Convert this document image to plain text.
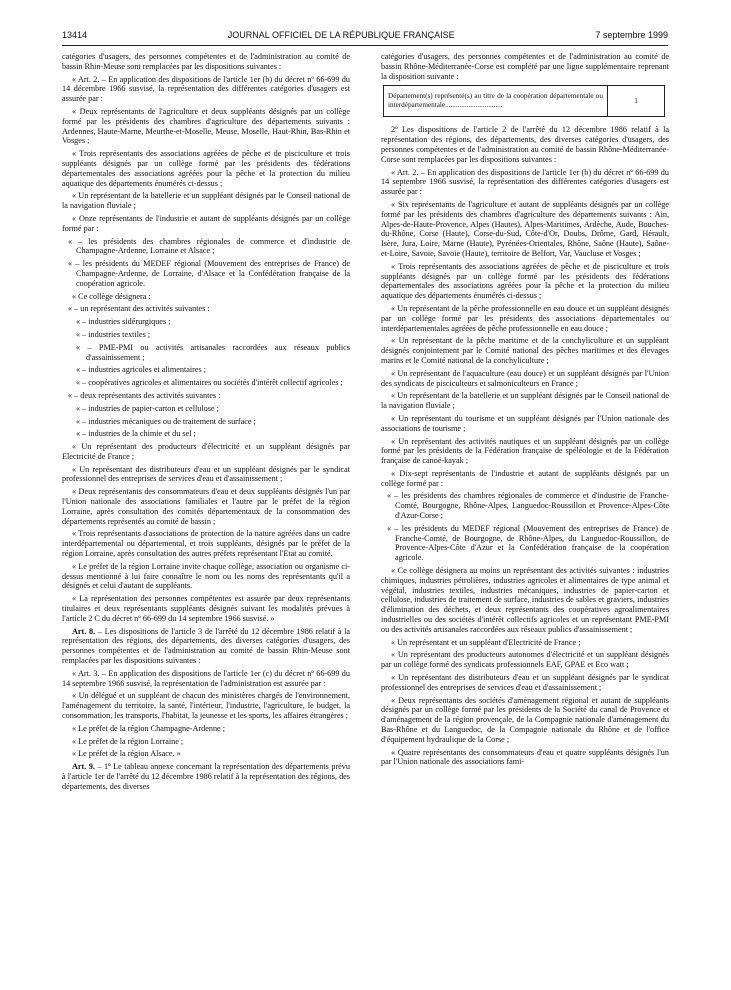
13414	JOURNAL OFFICIEL DE LA RÉPUBLIQUE FRANÇAISE	7 septembre 1999

catégories d'usagers, des personnes compétentes et de l'administration au comité de bassin Rhin-Meuse sont remplacées par les dispositions suivantes :

« Art. 2. – En application des dispositions de l'article 1er (b) du décret nº 66-699 du 14 décembre 1966 susvisé, la représentation des différentes catégories d'usagers est assurée par :

« Deux représentants de l'agriculture et deux suppléants désignés par un collège formé par les présidents des chambres d'agriculture des départements suivants : Ardennes, Haute-Marne, Meurthe-et-Moselle, Meuse, Moselle, Haut-Rhin, Bas-Rhin et Vosges ;

« Trois représentants des associations agréées de pêche et de pisciculture et trois suppléants désignés par un collège formé par les présidents des fédérations départementales des associations agréées pour la pêche et la protection du milieu aquatique des départements énumérés ci-dessus ;

« Un représentant de la batellerie et un suppléant désignés par le Conseil national de la navigation fluviale ;

« Onze représentants de l'industrie et autant de suppléants désignés par un collège formé par :

« – les présidents des chambres régionales de commerce et d'industrie de Champagne-Ardenne, Lorraine et Alsace ;

« – les présidents du MEDEF régional (Mouvement des entreprises de France) de Champagne-Ardenne, de Lorraine, d'Alsace et la Confédération française de la coopération agricole.

« Ce collège désignera :

« – un représentant des activités suivantes :

« – industries sidérurgiques ;

« – industries textiles ;

« – PME-PMI ou activités artisanales raccordées aux réseaux publics d'assainissement ;

« – industries agricoles et alimentaires ;

« – coopératives agricoles et alimentaires ou sociétés d'intérêt collectif agricoles ;

« – deux représentants des activités suivantes :

« – industries de papier-carton et cellulose ;

« – industries mécaniques ou de traitement de surface ;

« – industries de la chimie et du sel ;

« Un représentant des producteurs d'électricité et un suppléant désignés par Electricité de France ;

« Un représentant des distributeurs d'eau et un suppléant désignés par le syndicat professionnel des entreprises de services d'eau et d'assainissement ;

« Deux représentants des consommateurs d'eau et deux suppléants désignés l'un par l'Union nationale des associations familiales et l'autre par le préfet de la région Lorraine, après consultation des comités départementaux de la consommation des départements représentés au comité de bassin ;

« Trois représentants d'associations de protection de la nature agréées dans un cadre interdépartemental ou départemental, et trois suppléants, désignés par le préfet de la région Lorraine, après consultation des autres préfets représentant l'Etat au comité.

« Le préfet de la région Lorraine invite chaque collège, association ou organisme ci-dessus mentionné à lui faire connaître le nom ou les noms des représentants qu'il a désignés et celui d'autant de suppléants.

« La représentation des personnes compétentes est assurée par deux représentants titulaires et deux représentants suppléants désignés suivant les modalités prévues à l'article 2 C du décret nº 66-699 du 14 septembre 1966 susvisé. »

Art. 8. – Les dispositions de l'article 3 de l'arrêté du 12 décembre 1986 relatif à la représentation des régions, des départements, des diverses catégories d'usagers, des personnes compétentes et de l'administration au comité de bassin Rhin-Meuse sont remplacées par les dispositions suivantes :

« Art. 3. – En application des dispositions de l'article 1er (c) du décret nº 66-699 du 14 septembre 1966 susvisé, la représentation de l'administration est assurée par :

« Un délégué et un suppléant de chacun des ministères chargés de l'environnement, l'aménagement du territoire, la santé, l'intérieur, l'industrie, l'agriculture, le budget, la consommation, les transports, l'habitat, la jeunesse et les sports, les affaires étrangères ;

« Le préfet de la région Champagne-Ardenne ;

« Le préfet de la région Lorraine ;

« Le préfet de la région Alsace. »

Art. 9. – 1º Le tableau annexe concernant la représentation des départements prévu à l'article 1er de l'arrêté du 12 décembre 1986 relatif à la représentation des régions, des départements, des diverses

catégories d'usagers, des personnes compétentes et de l'administration au comité de bassin Rhône-Méditerranée-Corse est complété par une ligne supplémentaire reprenant la disposition suivante :

Département(s) représenté(s) au titre de la coopération départementale ou interdépartementale................................
1

2º Les dispositions de l'article 2 de l'arrêté du 12 décembre 1986 relatif à la représentation des régions, des départements, des diverses catégories d'usagers, des personnes compétentes et de l'administration au comité de bassin Rhône-Méditerranée-Corse sont remplacées par les dispositions suivantes :

« Art. 2. – En application des dispositions de l'article 1er (b) du décret nº 66-699 du 14 septembre 1966 susvisé, la représentation des différentes catégories d'usagers est assurée par :

« Six représentants de l'agriculture et autant de suppléants désignés par un collège formé par les présidents des chambres d'agriculture des départements suivants : Ain, Alpes-de-Haute-Provence, Alpes (Hautes), Alpes-Maritimes, Ardèche, Aude, Bouches-du-Rhône, Corse (Haute), Corse-du-Sud, Côte-d'Or, Doubs, Drôme, Gard, Hérault, Isère, Jura, Loire, Marne (Haute), Pyrénées-Orientales, Rhône, Saône (Haute), Saône-et-Loire, Savoie, Savoie (Haute), territoire de Belfort, Var, Vaucluse et Vosges ;

« Trois représentants des associations agréées de pêche et de pisciculture et trois suppléants désignés par un collège formé par les présidents des fédérations départementales des associations agréées pour la pêche et la protection du milieu aquatique des départements énumérés ci-dessus ;

« Un représentant de la pêche professionnelle en eau douce et un suppléant désignés par un collège formé par les présidents des associations départementales ou interdépartementales agréées de pêche professionnelle en eau douce ;

« Un représentant de la pêche maritime et de la conchyliculture et un suppléant désignés conjointement par le Comité national des pêches maritimes et des élevages marins et le Comité national de la conchyliculture ;

« Un représentant de l'aquaculture (eau douce) et un suppléant désignés par l'Union des syndicats de pisciculteurs et salmoniculteurs en France ;

« Un représentant de la batellerie et un suppléant désignés par le Conseil national de la navigation fluviale ;

« Un représentant du tourisme et un suppléant désignés par l'Union nationale des associations de tourisme ;

« Un représentant des activités nautiques et un suppléant désignés par un collège formé par les présidents de la Fédération française de spéléologie et de la Fédération française de canoë-kayak ;

« Dix-sept représentants de l'industrie et autant de suppléants désignés par un collège formé par :

« – les présidents des chambres régionales de commerce et d'industrie de Franche-Comté, Bourgogne, Rhône-Alpes, Languedoc-Roussillon et Provence-Alpes-Côte d'Azur-Corse ;

« – les présidents du MEDEF régional (Mouvement des entreprises de France) de Franche-Comté, de Bourgogne, de Rhône-Alpes, du Languedoc-Roussillon, de Provence-Alpes-Côte d'Azur et la Confédération française de la coopération agricole.

« Ce collège désignera au moins un représentant des activités suivantes : industries chimiques, industries pétrolières, industries agricoles et alimentaires de type animal et végétal, industries textiles, industries mécaniques, industries de papier-carton et cellulose, industries de traitement de surface, industries de sables et graviers, industries d'élimination des déchets, et deux représentants des coopératives agroalimentaires industrielles ou des sociétés d'intérêt collectifs agricoles et un représentant PME-PMI ou des activités artisanales raccordées aux réseaux publics d'assainissement ;

« Un représentant et un suppléant d'Electricité de France ;

« Un représentant des producteurs autonomes d'électricité et un suppléant désignés par un collège formé des syndicats professionnels EAF, GPAE et Eco watt ;

« Un représentant des distributeurs d'eau et un suppléant désignés par le syndicat professionnel des entreprises de services d'eau et d'assainissement ;

« Deux représentants des sociétés d'aménagement régional et autant de suppléants désignés par un collège formé par les présidents de la Société du canal de Provence et d'aménagement de la région provençale, de la Compagnie nationale d'aménagement du Bas-Rhône et du Languedoc, de la Compagnie nationale du Rhône et de l'office d'équipement hydraulique de la Corse ;

« Quatre représentants des consommateurs d'eau et quatre suppléants désignés l'un par l'Union nationale des associations fami-
